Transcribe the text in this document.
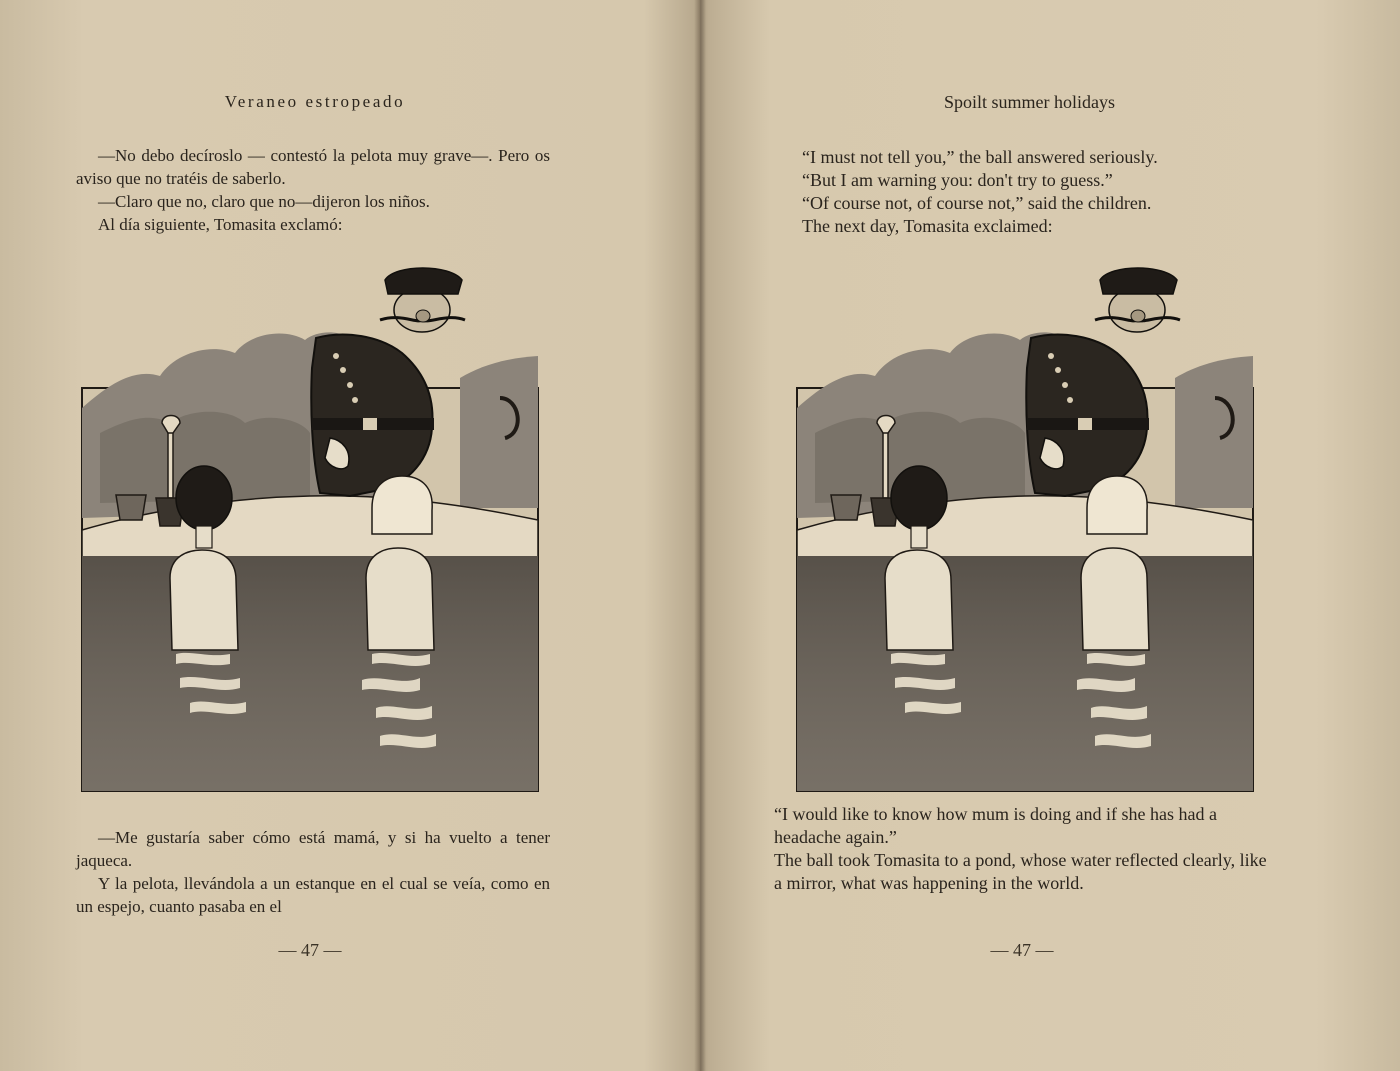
Veraneo estropeado

—No debo decíroslo — contestó la pelota muy grave—. Pero os aviso que no tratéis de saberlo.

—Claro que no, claro que no—dijeron los niños.

Al día siguiente, Tomasita exclamó:

—Me gustaría saber cómo está mamá, y si ha vuelto a tener jaqueca.

Y la pelota, llevándola a un estanque en el cual se veía, como en un espejo, cuanto pasaba en el

— 47 —
Spoilt summer holidays

“I must not tell you,” the ball answered seriously.

“But I am warning you: don't try to guess.”

“Of course not, of course not,” said the children.

The next day, Tomasita exclaimed:

“I would like to know how mum is doing and if she has had a headache again.”

The ball took Tomasita to a pond, whose water reflected clearly, like a mirror, what was happening in the world.

— 47 —
